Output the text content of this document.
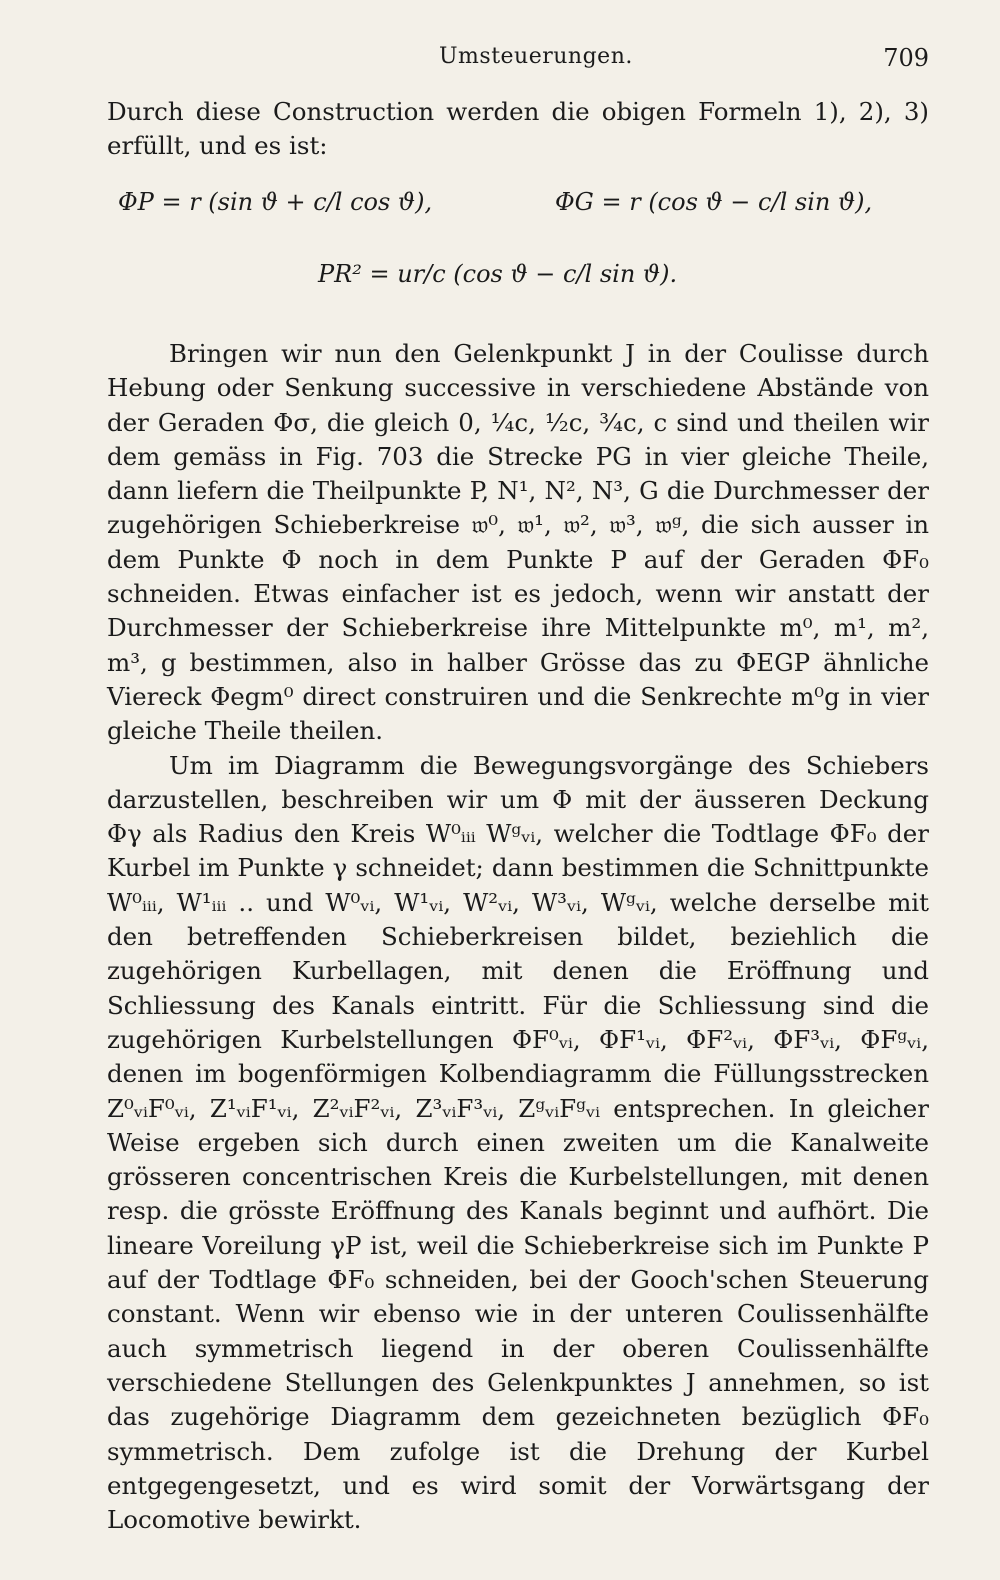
Umsteuerungen.	709

Durch diese Construction werden die obigen Formeln 1), 2), 3) erfüllt, und es ist:

ΦP = r (sin ϑ + c/l cos ϑ),	ΦG = r (cos ϑ − c/l sin ϑ),
PR² = ur/c (cos ϑ − c/l sin ϑ).

Bringen wir nun den Gelenkpunkt J in der Coulisse durch Hebung oder Senkung successive in verschiedene Abstände von der Geraden Φσ, die gleich 0, ¼c, ½c, ¾c, c sind und theilen wir dem gemäss in Fig. 703 die Strecke PG in vier gleiche Theile, dann liefern die Theilpunkte P, N¹, N², N³, G die Durchmesser der zugehörigen Schieberkreise 𝔴⁰, 𝔴¹, 𝔴², 𝔴³, 𝔴ᵍ, die sich ausser in dem Punkte Φ noch in dem Punkte P auf der Geraden ΦF₀ schneiden. Etwas einfacher ist es jedoch, wenn wir anstatt der Durchmesser der Schieberkreise ihre Mittelpunkte m⁰, m¹, m², m³, g bestimmen, also in halber Grösse das zu ΦEGP ähnliche Viereck Φegm⁰ direct construiren und die Senkrechte m⁰g in vier gleiche Theile theilen.

Um im Diagramm die Bewegungsvorgänge des Schiebers darzustellen, beschreiben wir um Φ mit der äusseren Deckung Φγ als Radius den Kreis W⁰ᵢᵢᵢ Wᵍᵥᵢ, welcher die Todtlage ΦF₀ der Kurbel im Punkte γ schneidet; dann bestimmen die Schnittpunkte W⁰ᵢᵢᵢ, W¹ᵢᵢᵢ .. und W⁰ᵥᵢ, W¹ᵥᵢ, W²ᵥᵢ, W³ᵥᵢ, Wᵍᵥᵢ, welche derselbe mit den betreffenden Schieberkreisen bildet, beziehlich die zugehörigen Kurbellagen, mit denen die Eröffnung und Schliessung des Kanals eintritt. Für die Schliessung sind die zugehörigen Kurbelstellungen ΦF⁰ᵥᵢ, ΦF¹ᵥᵢ, ΦF²ᵥᵢ, ΦF³ᵥᵢ, ΦFᵍᵥᵢ, denen im bogenförmigen Kolbendiagramm die Füllungsstrecken Z⁰ᵥᵢF⁰ᵥᵢ, Z¹ᵥᵢF¹ᵥᵢ, Z²ᵥᵢF²ᵥᵢ, Z³ᵥᵢF³ᵥᵢ, ZᵍᵥᵢFᵍᵥᵢ entsprechen. In gleicher Weise ergeben sich durch einen zweiten um die Kanalweite grösseren concentrischen Kreis die Kurbelstellungen, mit denen resp. die grösste Eröffnung des Kanals beginnt und aufhört. Die lineare Voreilung γP ist, weil die Schieberkreise sich im Punkte P auf der Todtlage ΦF₀ schneiden, bei der Gooch'schen Steuerung constant. Wenn wir ebenso wie in der unteren Coulissenhälfte auch symmetrisch liegend in der oberen Coulissenhälfte verschiedene Stellungen des Gelenkpunktes J annehmen, so ist das zugehörige Diagramm dem gezeichneten bezüglich ΦF₀ symmetrisch. Dem zufolge ist die Drehung der Kurbel entgegengesetzt, und es wird somit der Vorwärtsgang der Locomotive bewirkt.
